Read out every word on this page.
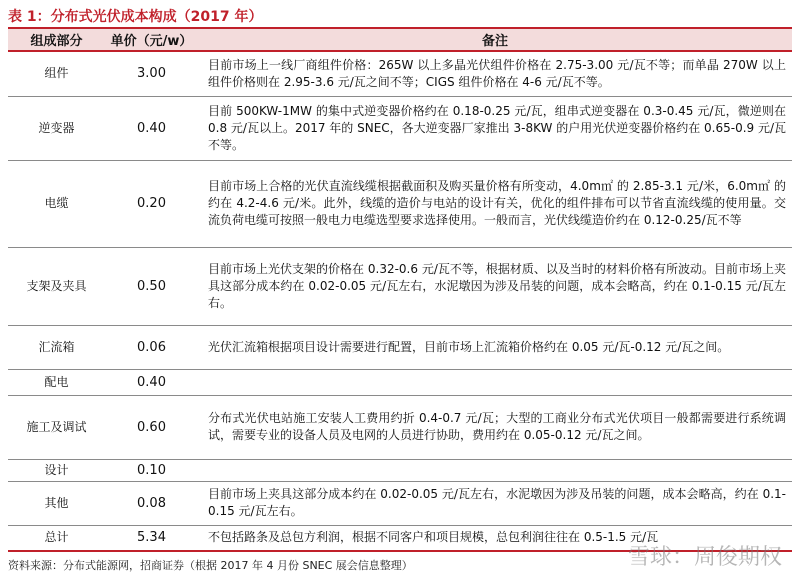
表 1：分布式光伏成本构成（2017 年）
组成部分	单价（元/w）	备注
组件	3.00	目前市场上一线厂商组件价格：265W 以上多晶光伏组件价格在 2.75-3.00 元/瓦不等；而单晶 270W 以上组件价格则在 2.95-3.6 元/瓦之间不等；CIGS 组件价格在 4-6 元/瓦不等。
逆变器	0.40	目前 500KW-1MW 的集中式逆变器价格约在 0.18-0.25 元/瓦，组串式逆变器在 0.3-0.45 元/瓦，微逆则在 0.8 元/瓦以上。2017 年的 SNEC，各大逆变器厂家推出 3-8KW 的户用光伏逆变器价格约在 0.65-0.9 元/瓦不等。
电缆	0.20	目前市场上合格的光伏直流线缆根据截面积及购买量价格有所变动，4.0m㎡ 的 2.85-3.1 元/米，6.0m㎡ 的约在 4.2-4.6 元/米。此外，线缆的造价与电站的设计有关，优化的组件排布可以节省直流线缆的使用量。交流负荷电缆可按照一般电力电缆选型要求选择使用。一般而言，光伏线缆造价约在 0.12-0.25/瓦不等
支架及夹具	0.50	目前市场上光伏支架的价格在 0.32-0.6 元/瓦不等，根据材质、以及当时的材料价格有所波动。目前市场上夹具这部分成本约在 0.02-0.05 元/瓦左右，水泥墩因为涉及吊装的问题，成本会略高，约在 0.1-0.15 元/瓦左右。
汇流箱	0.06	光伏汇流箱根据项目设计需要进行配置，目前市场上汇流箱价格约在 0.05 元/瓦-0.12 元/瓦之间。
配电	0.40	
施工及调试	0.60	分布式光伏电站施工安装人工费用约折 0.4-0.7 元/瓦；大型的工商业分布式光伏项目一般都需要进行系统调试，需要专业的设备人员及电网的人员进行协助，费用约在 0.05-0.12 元/瓦之间。
设计	0.10	
其他	0.08	目前市场上夹具这部分成本约在 0.02-0.05 元/瓦左右，水泥墩因为涉及吊装的问题，成本会略高，约在 0.1-0.15 元/瓦左右。
总计	5.34	不包括路条及总包方利润，根据不同客户和项目规模，总包利润往往在 0.5-1.5 元/瓦
资料来源：分布式能源网，招商证券（根据 2017 年 4 月份 SNEC 展会信息整理）	雪球：周俊期权
